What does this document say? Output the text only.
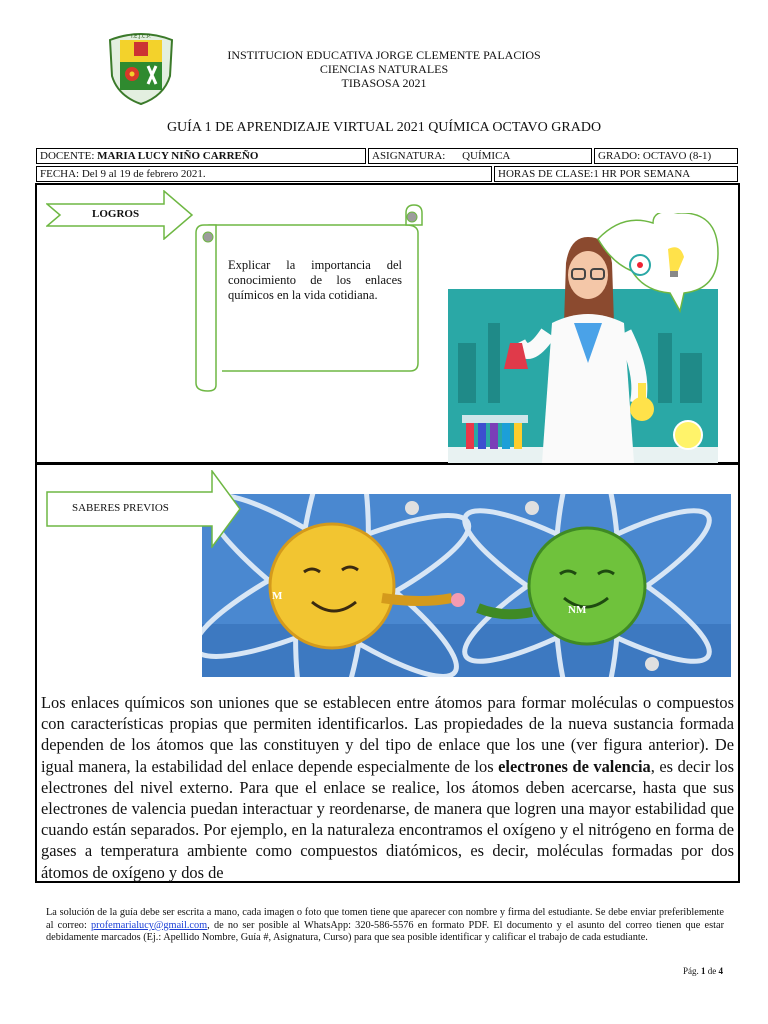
I.E.J.C.P.
INSTITUCION EDUCATIVA JORGE CLEMENTE PALACIOS
CIENCIAS NATURALES
TIBASOSA 2021
GUÍA 1 DE APRENDIZAJE VIRTUAL 2021 QUÍMICA OCTAVO GRADO
DOCENTE: MARIA LUCY NIÑO CARREÑO	ASIGNATURA: QUÍMICA	GRADO: OCTAVO (8-1)
FECHA: Del 9 al 19 de febrero 2021.	HORAS DE CLASE:1 HR POR SEMANA
LOGROS
Explicar la importancia del conocimiento de los enlaces químicos en la vida cotidiana.
M
NM
SABERES PREVIOS
Los enlaces químicos son uniones que se establecen entre átomos para formar moléculas o compuestos con características propias que permiten identificarlos. Las propiedades de la nueva sustancia formada dependen de los átomos que las constituyen y del tipo de enlace que los une (ver figura anterior). De igual manera, la estabilidad del enlace depende especialmente de los electrones de valencia, es decir los electrones del nivel externo. Para que el enlace se realice, los átomos deben acercarse, hasta que sus electrones de valencia puedan interactuar y reordenarse, de manera que logren una mayor estabilidad que cuando están separados. Por ejemplo, en la naturaleza encontramos el oxígeno y el nitrógeno en forma de gases a temperatura ambiente como compuestos diatómicos, es decir, moléculas formadas por dos átomos de oxígeno y dos de
La solución de la guía debe ser escrita a mano, cada imagen o foto que tomen tiene que aparecer con nombre y firma del estudiante. Se debe enviar preferiblemente al correo: profemarialucy@gmail.com, de no ser posible al WhatsApp: 320-586-5576 en formato PDF. El documento y el asunto del correo tienen que estar debidamente marcados (Ej.: Apellido Nombre, Guía #, Asignatura, Curso) para que sea posible identificar y calificar el trabajo de cada estudiante.
Pág. 1 de 4
